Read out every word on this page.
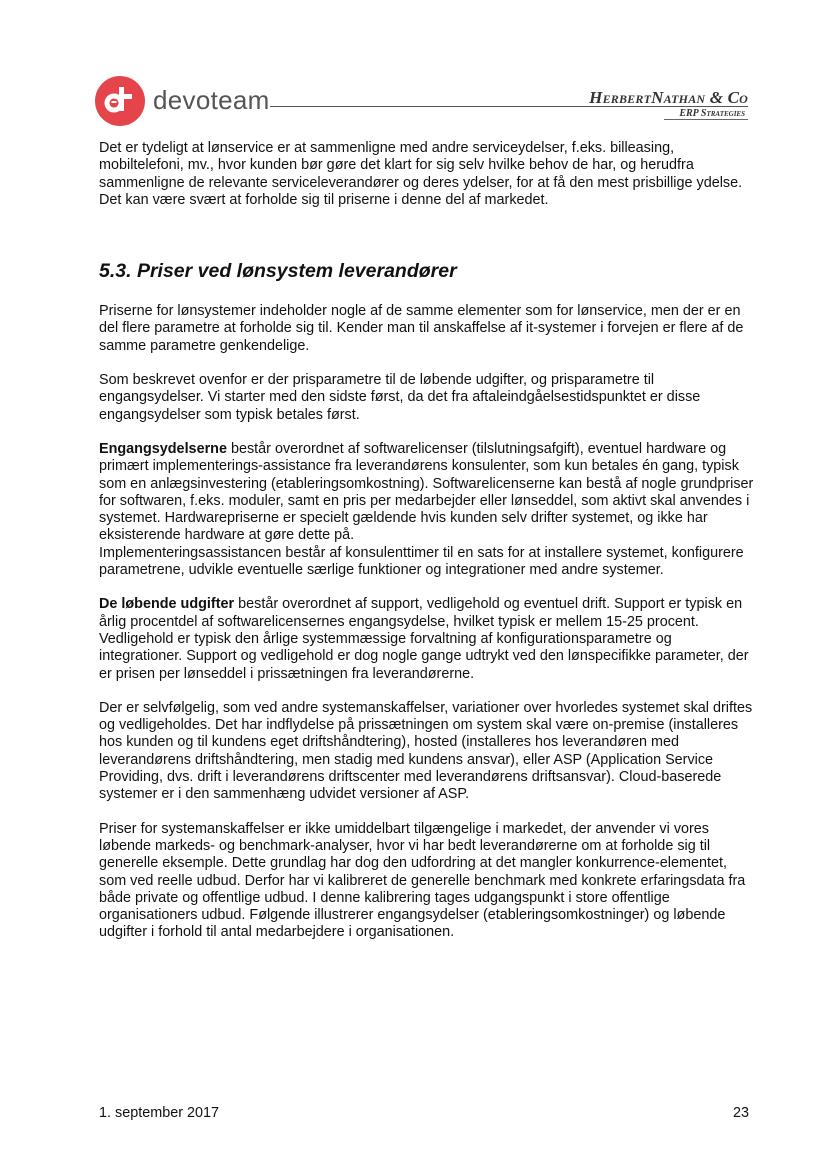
devoteam	HerbertNathan & Co
ERP Strategies

Det er tydeligt at lønservice er at sammenligne med andre serviceydelser, f.eks. billeasing, mobiltelefoni, mv., hvor kunden bør gøre det klart for sig selv hvilke behov de har, og herudfra sammenligne de relevante serviceleverandører og deres ydelser, for at få den mest prisbillige ydelse. Det kan være svært at forholde sig til priserne i denne del af markedet.

5.3. Priser ved lønsystem leverandører

Priserne for lønsystemer indeholder nogle af de samme elementer som for lønservice, men der er en del flere parametre at forholde sig til. Kender man til anskaffelse af it-systemer i forvejen er flere af de samme parametre genkendelige.

Som beskrevet ovenfor er der prisparametre til de løbende udgifter, og prisparametre til engangsydelser. Vi starter med den sidste først, da det fra aftaleindgåelsestidspunktet er disse engangsydelser som typisk betales først.

Engangsydelserne består overordnet af softwarelicenser (tilslutningsafgift), eventuel hardware og primært implementerings-assistance fra leverandørens konsulenter, som kun betales én gang, typisk som en anlægsinvestering (etableringsomkostning). Softwarelicenserne kan bestå af nogle grundpriser for softwaren, f.eks. moduler, samt en pris per medarbejder eller lønseddel, som aktivt skal anvendes i systemet. Hardwarepriserne er specielt gældende hvis kunden selv drifter systemet, og ikke har eksisterende hardware at gøre dette på.
Implementeringsassistancen består af konsulenttimer til en sats for at installere systemet, konfigurere parametrene, udvikle eventuelle særlige funktioner og integrationer med andre systemer.

De løbende udgifter består overordnet af support, vedligehold og eventuel drift. Support er typisk en årlig procentdel af softwarelicensernes engangsydelse, hvilket typisk er mellem 15-25 procent. Vedligehold er typisk den årlige systemmæssige forvaltning af konfigurationsparametre og integrationer. Support og vedligehold er dog nogle gange udtrykt ved den lønspecifikke parameter, der er prisen per lønseddel i prissætningen fra leverandørerne.

Der er selvfølgelig, som ved andre systemanskaffelser, variationer over hvorledes systemet skal driftes og vedligeholdes. Det har indflydelse på prissætningen om system skal være on-premise (installeres hos kunden og til kundens eget driftshåndtering), hosted (installeres hos leverandøren med leverandørens driftshåndtering, men stadig med kundens ansvar), eller ASP (Application Service Providing, dvs. drift i leverandørens driftscenter med leverandørens driftsansvar). Cloud-baserede systemer er i den sammenhæng udvidet versioner af ASP.

Priser for systemanskaffelser er ikke umiddelbart tilgængelige i markedet, der anvender vi vores løbende markeds- og benchmark-analyser, hvor vi har bedt leverandørerne om at forholde sig til generelle eksemple. Dette grundlag har dog den udfordring at det mangler konkurrence-elementet, som ved reelle udbud. Derfor har vi kalibreret de generelle benchmark med konkrete erfaringsdata fra både private og offentlige udbud. I denne kalibrering tages udgangspunkt i store offentlige organisationers udbud. Følgende illustrerer engangsydelser (etableringsomkostninger) og løbende udgifter i forhold til antal medarbejdere i organisationen.

1. september 2017	23
